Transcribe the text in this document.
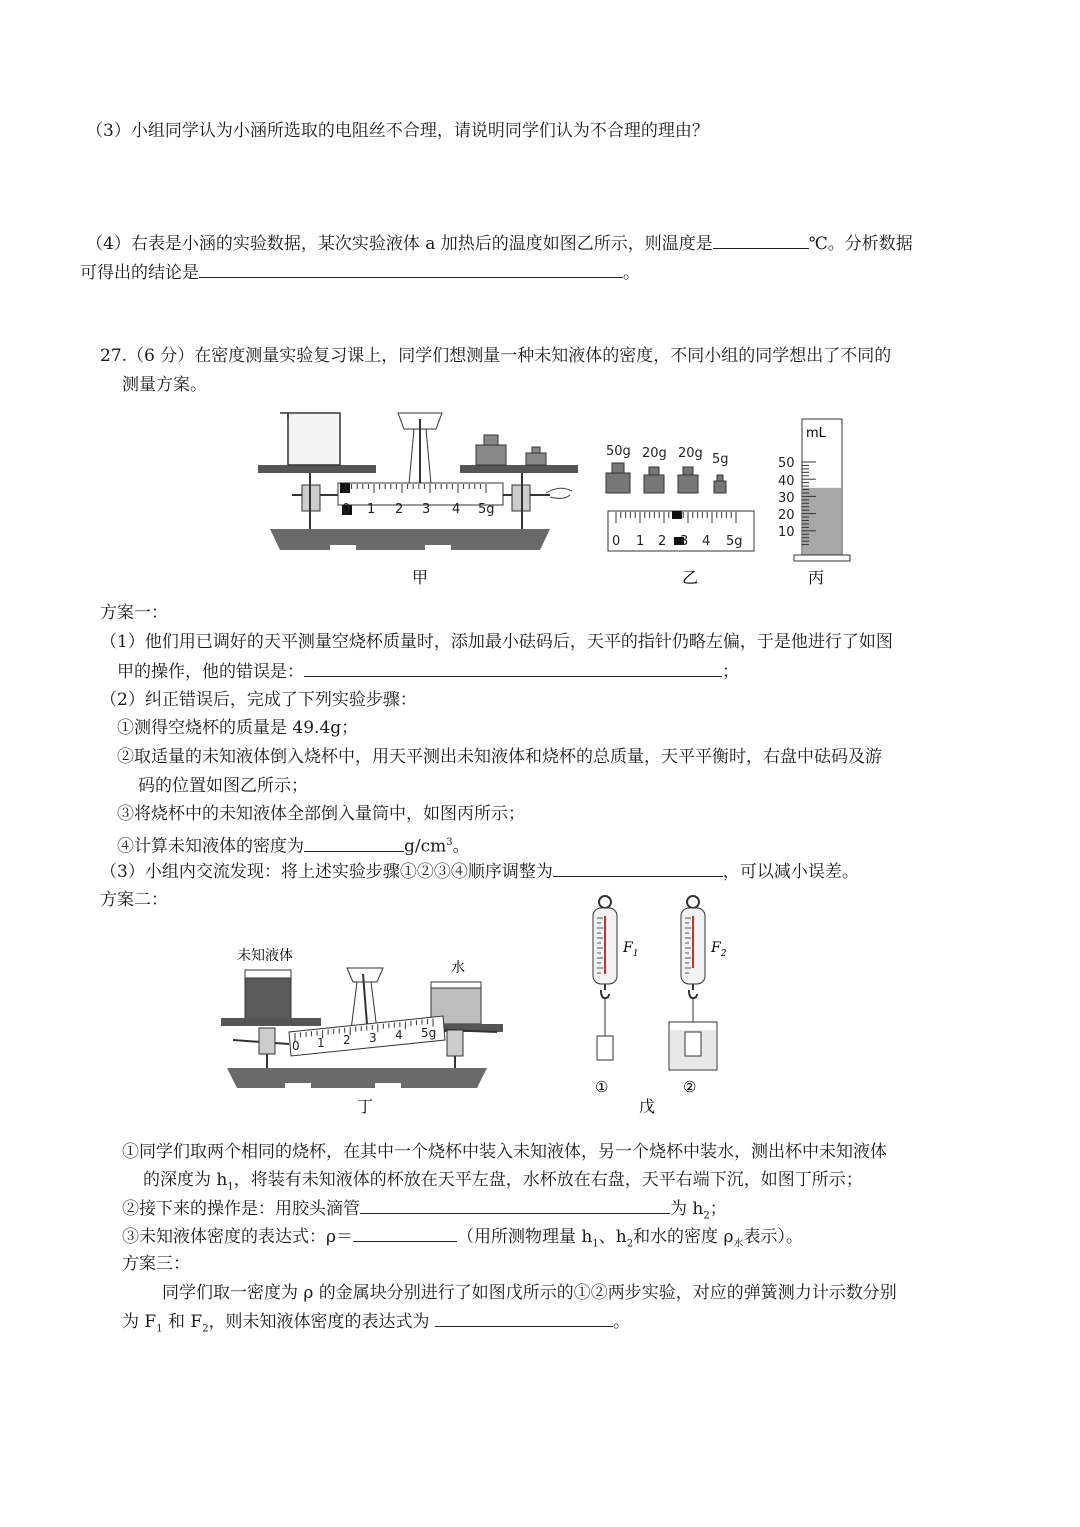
（3）小组同学认为小涵所选取的电阻丝不合理，请说明同学们认为不合理的理由？
（4）右表是小涵的实验数据，某次实验液体 a 加热后的温度如图乙所示，则温度是	℃。分析数据
可得出的结论是	。
27.（6 分）在密度测量实验复习课上，同学们想测量一种未知液体的密度，不同小组的同学想出了不同的
测量方案。
0 1 2 3 4 5g
甲
50g 20g 20g 5g
0 1 2 3 4 5g
乙
mL
50
40
30
20
10
丙
方案一：
（1）他们用已调好的天平测量空烧杯质量时，添加最小砝码后，天平的指针仍略左偏，于是他进行了如图
甲的操作，他的错误是：	；
（2）纠正错误后，完成了下列实验步骤：
①测得空烧杯的质量是 49.4g；
②取适量的未知液体倒入烧杯中，用天平测出未知液体和烧杯的总质量，天平平衡时，右盘中砝码及游
码的位置如图乙所示；
③将烧杯中的未知液体全部倒入量筒中，如图丙所示；
④计算未知液体的密度为	$g/cm^3$。
（3）小组内交流发现：将上述实验步骤①②③④顺序调整为	，可以减小误差。
方案二：
未知液体
水
0 1 2 3 4 5g
丁
$F_1$
①
$F_2$
②
戊
①同学们取两个相同的烧杯，在其中一个烧杯中装入未知液体，另一个烧杯中装水，测出杯中未知液体
的深度为 $h_1$，将装有未知液体的杯放在天平左盘，水杯放在右盘，天平右端下沉，如图丁所示；
②接下来的操作是：用胶头滴管	为 $h_2$；
③未知液体密度的表达式：ρ＝	（用所测物理量 $h_1$、$h_2$和水的密度 $\rho_水$表示）。
方案三：
同学们取一密度为 ρ 的金属块分别进行了如图戊所示的①②两步实验，对应的弹簧测力计示数分别
为 $F_1$ 和 $F_2$，则未知液体密度的表达式为	。
